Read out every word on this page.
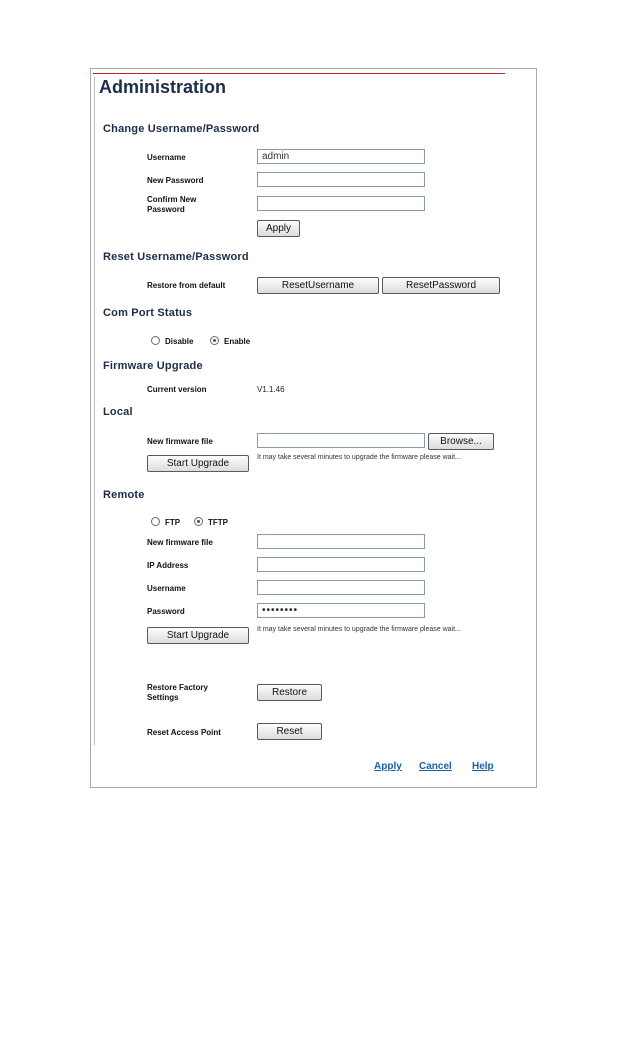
Administration
Change Username/Password
Username	admin
New Password
Confirm New Password
Apply
Reset Username/Password
Restore from default	ResetUsername	ResetPassword
Com Port Status
Disable	Enable
Firmware Upgrade
Current version	V1.1.46
Local
New firmware file	Browse...
Start Upgrade
It may take several minutes to upgrade the firmware please wait...
Remote
FTP	TFTP
New firmware file
IP Address
Username
Password	••••••••
Start Upgrade
It may take several minutes to upgrade the firmware please wait...
Restore Factory Settings	Restore
Reset Access Point	Reset
Apply Cancel Help
